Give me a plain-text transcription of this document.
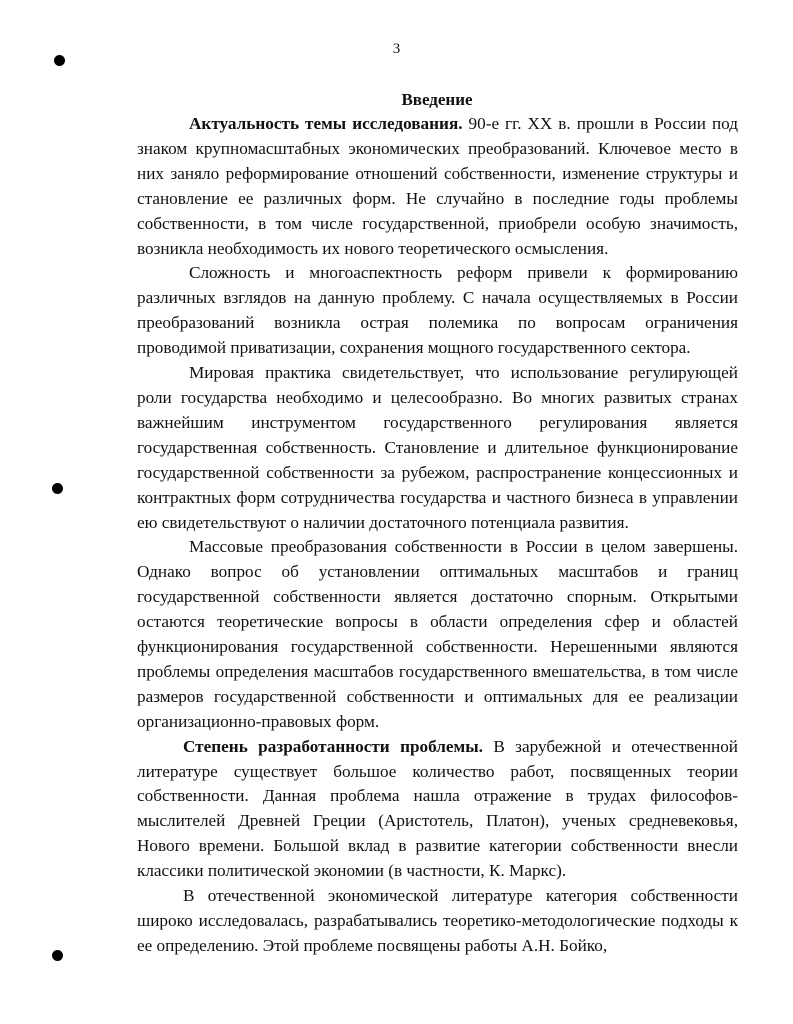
3
Введение

Актуальность темы исследования. 90-е гг. XX в. прошли в России под знаком крупномасштабных экономических преобразований. Ключевое место в них заняло реформирование отношений собственности, изменение структуры и становление ее различных форм. Не случайно в последние годы проблемы собственности, в том числе государственной, приобрели особую значимость, возникла необходимость их нового теоретического осмысления.

Сложность и многоаспектность реформ привели к формированию различных взглядов на данную проблему. С начала осуществляемых в России преобразований возникла острая полемика по вопросам ограничения проводимой приватизации, сохранения мощного государственного сектора.

Мировая практика свидетельствует, что использование регулирующей роли государства необходимо и целесообразно. Во многих развитых странах важнейшим инструментом государственного регулирования является государственная собственность. Становление и длительное функционирование государственной собственности за рубежом, распространение концессионных и контрактных форм сотрудничества государства и частного бизнеса в управлении ею свидетельствуют о наличии достаточного потенциала развития.

Массовые преобразования собственности в России в целом завершены. Однако вопрос об установлении оптимальных масштабов и границ государственной собственности является достаточно спорным. Открытыми остаются теоретические вопросы в области определения сфер и областей функционирования государственной собственности. Нерешенными являются проблемы определения масштабов государственного вмешательства, в том числе размеров государственной собственности и оптимальных для ее реализации организационно-правовых форм.

Степень разработанности проблемы. В зарубежной и отечественной литературе существует большое количество работ, посвященных теории собственности. Данная проблема нашла отражение в трудах философов-мыслителей Древней Греции (Аристотель, Платон), ученых средневековья, Нового времени. Большой вклад в развитие категории собственности внесли классики политической экономии (в частности, К. Маркс).

В отечественной экономической литературе категория собственности широко исследовалась, разрабатывались теоретико-методологические подходы к ее определению. Этой проблеме посвящены работы А.Н. Бойко,
